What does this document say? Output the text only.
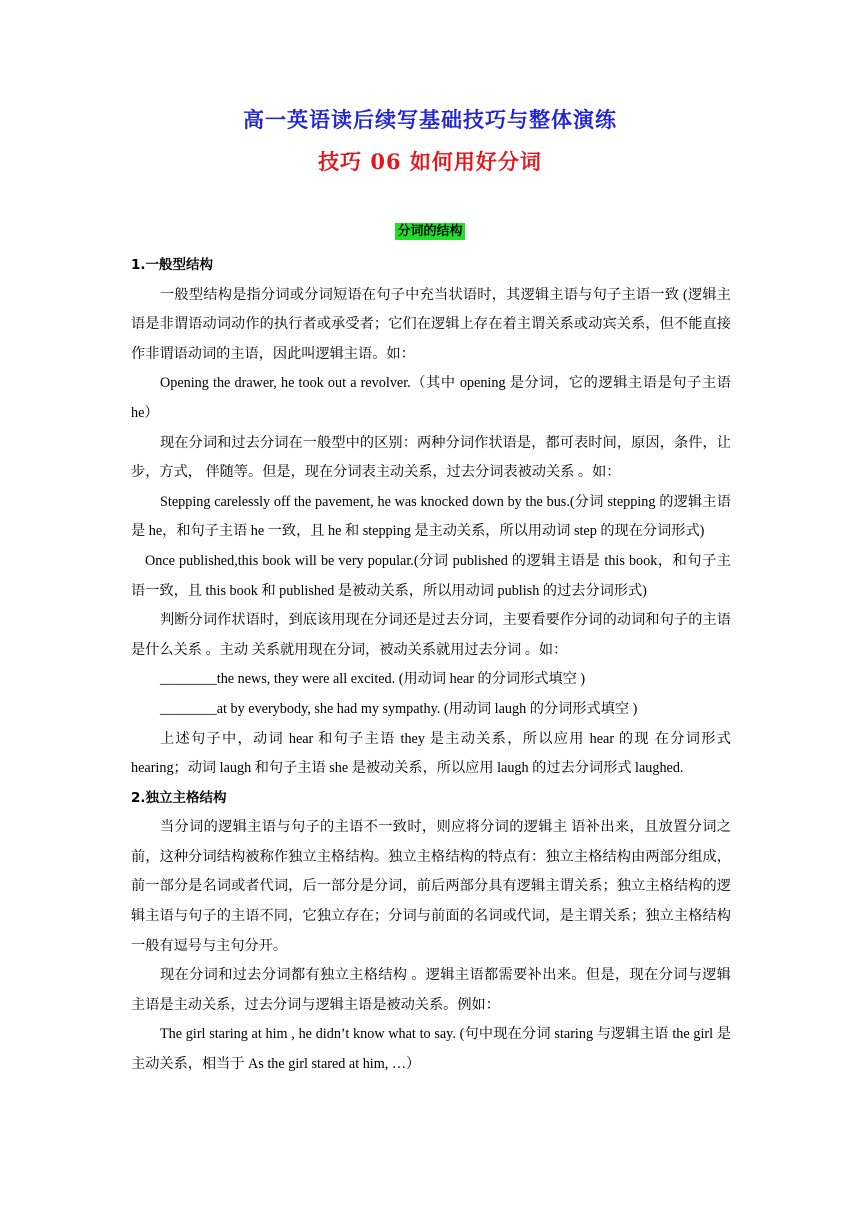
高一英语读后续写基础技巧与整体演练
技巧 06 如何用好分词
分词的结构

1.一般型结构

一般型结构是指分词或分词短语在句子中充当状语时，其逻辑主语与句子主语一致 (逻辑主语是非谓语动词动作的执行者或承受者；它们在逻辑上存在着主谓关系或动宾关系，但不能直接作非谓语动词的主语，因此叫逻辑主语。如：

Opening the drawer, he took out a revolver.（其中 opening 是分词，它的逻辑主语是句子主语 he）

现在分词和过去分词在一般型中的区别：两种分词作状语是，都可表时间，原因，条件，让步，方式， 伴随等。但是，现在分词表主动关系，过去分词表被动关系 。如：

Stepping carelessly off the pavement, he was knocked down by the bus.(分词 stepping 的逻辑主语是 he，和句子主语 he 一致，且 he 和 stepping 是主动关系，所以用动词 step 的现在分词形式)

Once published,this book will be very popular.(分词 published 的逻辑主语是 this book，和句子主语一致，且 this book 和 published 是被动关系，所以用动词 publish 的过去分词形式)

判断分词作状语时，到底该用现在分词还是过去分词，主要看要作分词的动词和句子的主语是什么关系 。主动 关系就用现在分词，被动关系就用过去分词 。如：

________the news, they were all excited. (用动词 hear 的分词形式填空 )

________at by everybody, she had my sympathy. (用动词 laugh 的分词形式填空 )

上述句子中，动词 hear 和句子主语 they 是主动关系，所以应用 hear 的现 在分词形式 hearing；动词 laugh 和句子主语 she 是被动关系，所以应用 laugh 的过去分词形式 laughed.

2.独立主格结构

当分词的逻辑主语与句子的主语不一致时，则应将分词的逻辑主 语补出来，且放置分词之前，这种分词结构被称作独立主格结构。独立主格结构的特点有：独立主格结构由两部分组成，前一部分是名词或者代词，后一部分是分词，前后两部分具有逻辑主谓关系；独立主格结构的逻辑主语与句子的主语不同，它独立存在；分词与前面的名词或代词，是主谓关系；独立主格结构一般有逗号与主句分开。

现在分词和过去分词都有独立主格结构 。逻辑主语都需要补出来。但是，现在分词与逻辑主语是主动关系，过去分词与逻辑主语是被动关系。例如：

The girl staring at him , he didn’t know what to say. (句中现在分词 staring 与逻辑主语 the girl 是主动关系，相当于 As the girl stared at him, …）
